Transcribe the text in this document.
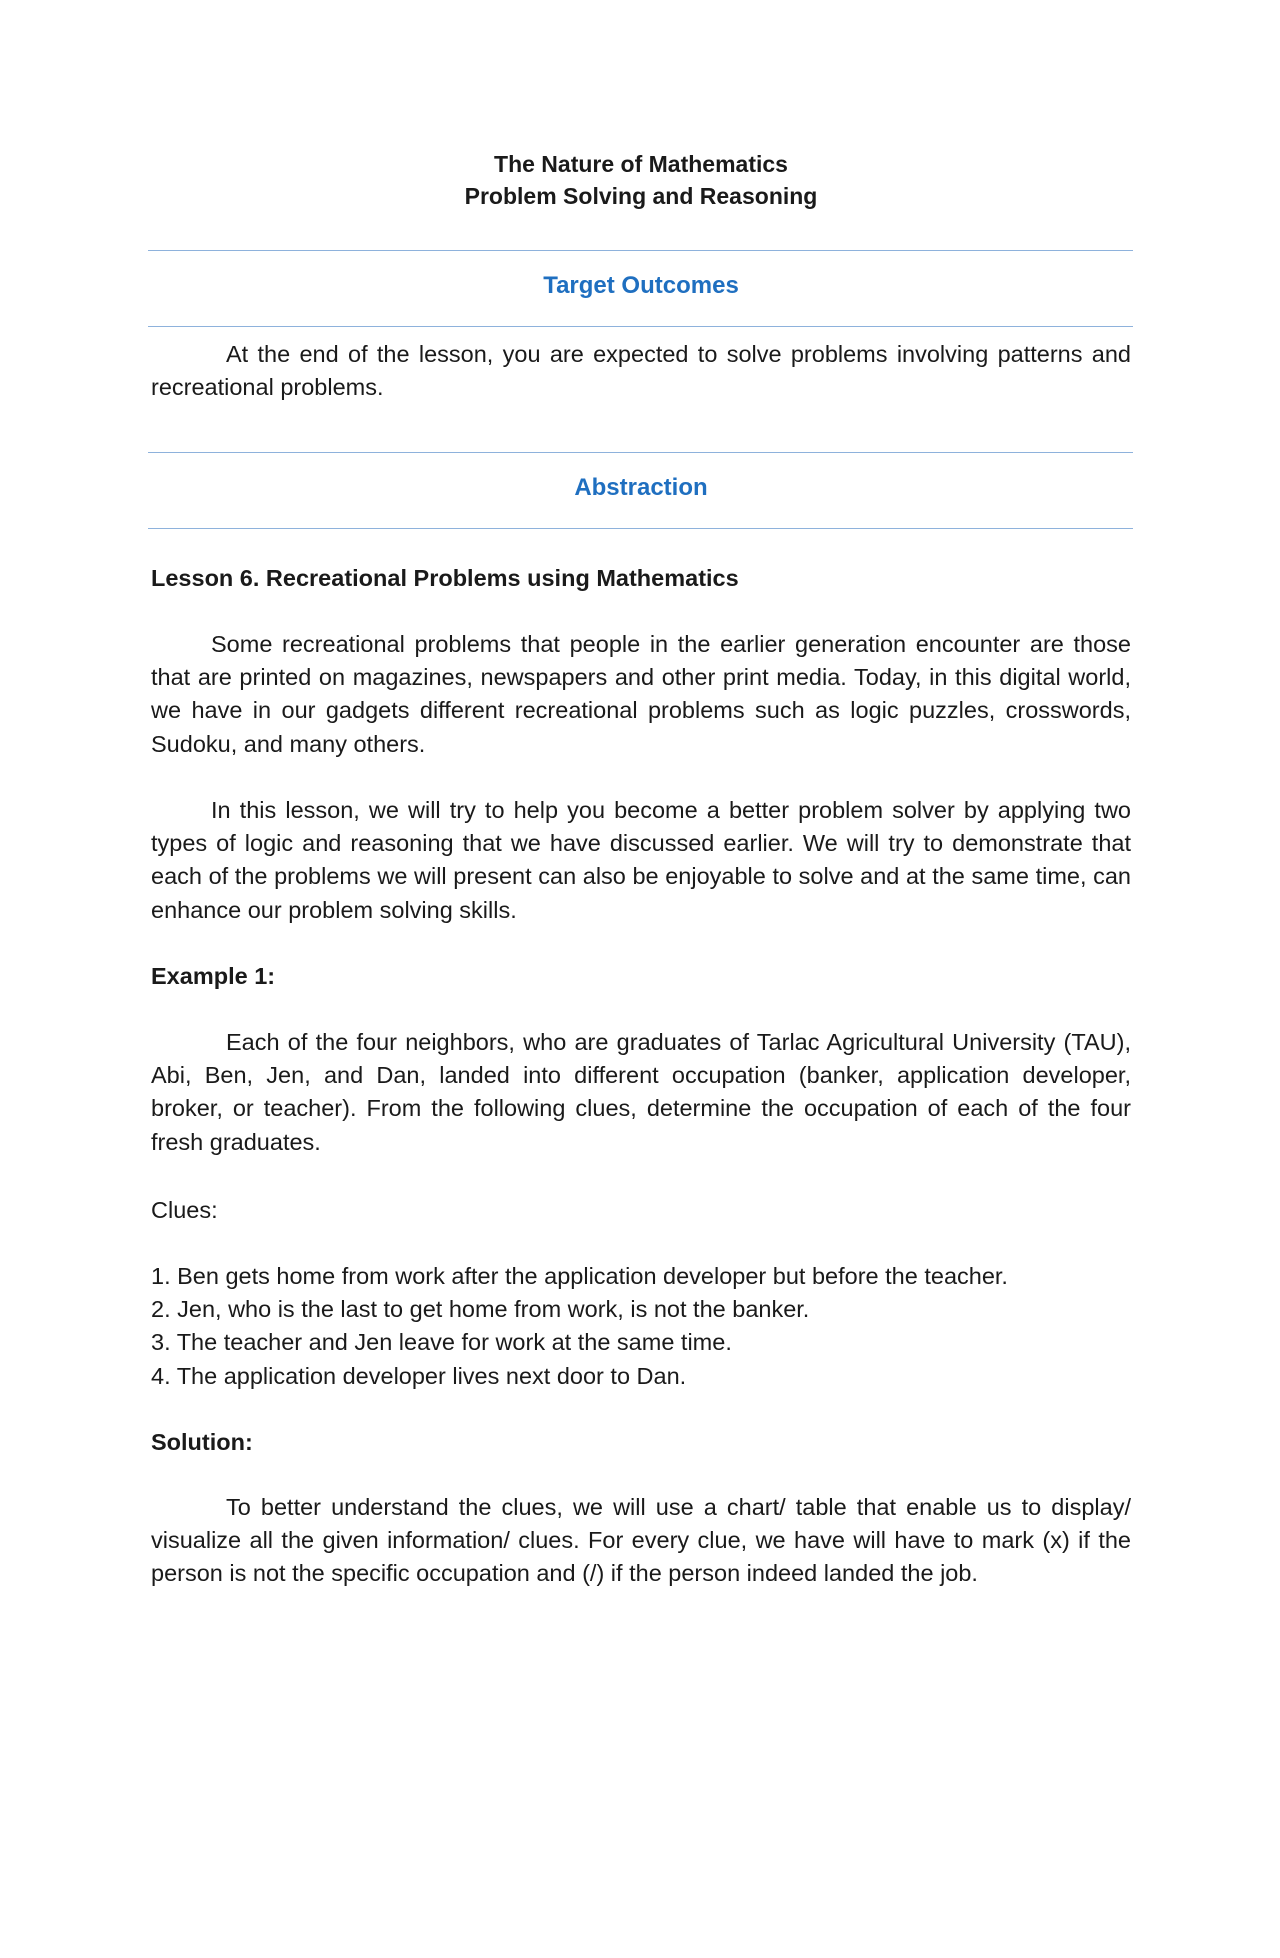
The Nature of Mathematics
Problem Solving and Reasoning
Target Outcomes

At the end of the lesson, you are expected to solve problems involving patterns and recreational problems.

Abstraction
Lesson 6. Recreational Problems using Mathematics

Some recreational problems that people in the earlier generation encounter are those that are printed on magazines, newspapers and other print media. Today, in this digital world, we have in our gadgets different recreational problems such as logic puzzles, crosswords, Sudoku, and many others.

In this lesson, we will try to help you become a better problem solver by applying two types of logic and reasoning that we have discussed earlier. We will try to demonstrate that each of the problems we will present can also be enjoyable to solve and at the same time, can enhance our problem solving skills.

Example 1:

Each of the four neighbors, who are graduates of Tarlac Agricultural University (TAU), Abi, Ben, Jen, and Dan, landed into different occupation (banker, application developer, broker, or teacher). From the following clues, determine the occupation of each of the four fresh graduates.

Clues:
1. Ben gets home from work after the application developer but before the teacher.
2. Jen, who is the last to get home from work, is not the banker.
3. The teacher and Jen leave for work at the same time.
4. The application developer lives next door to Dan.
Solution:

To better understand the clues, we will use a chart/ table that enable us to display/ visualize all the given information/ clues. For every clue, we have will have to mark (x) if the person is not the specific occupation and (/) if the person indeed landed the job.
